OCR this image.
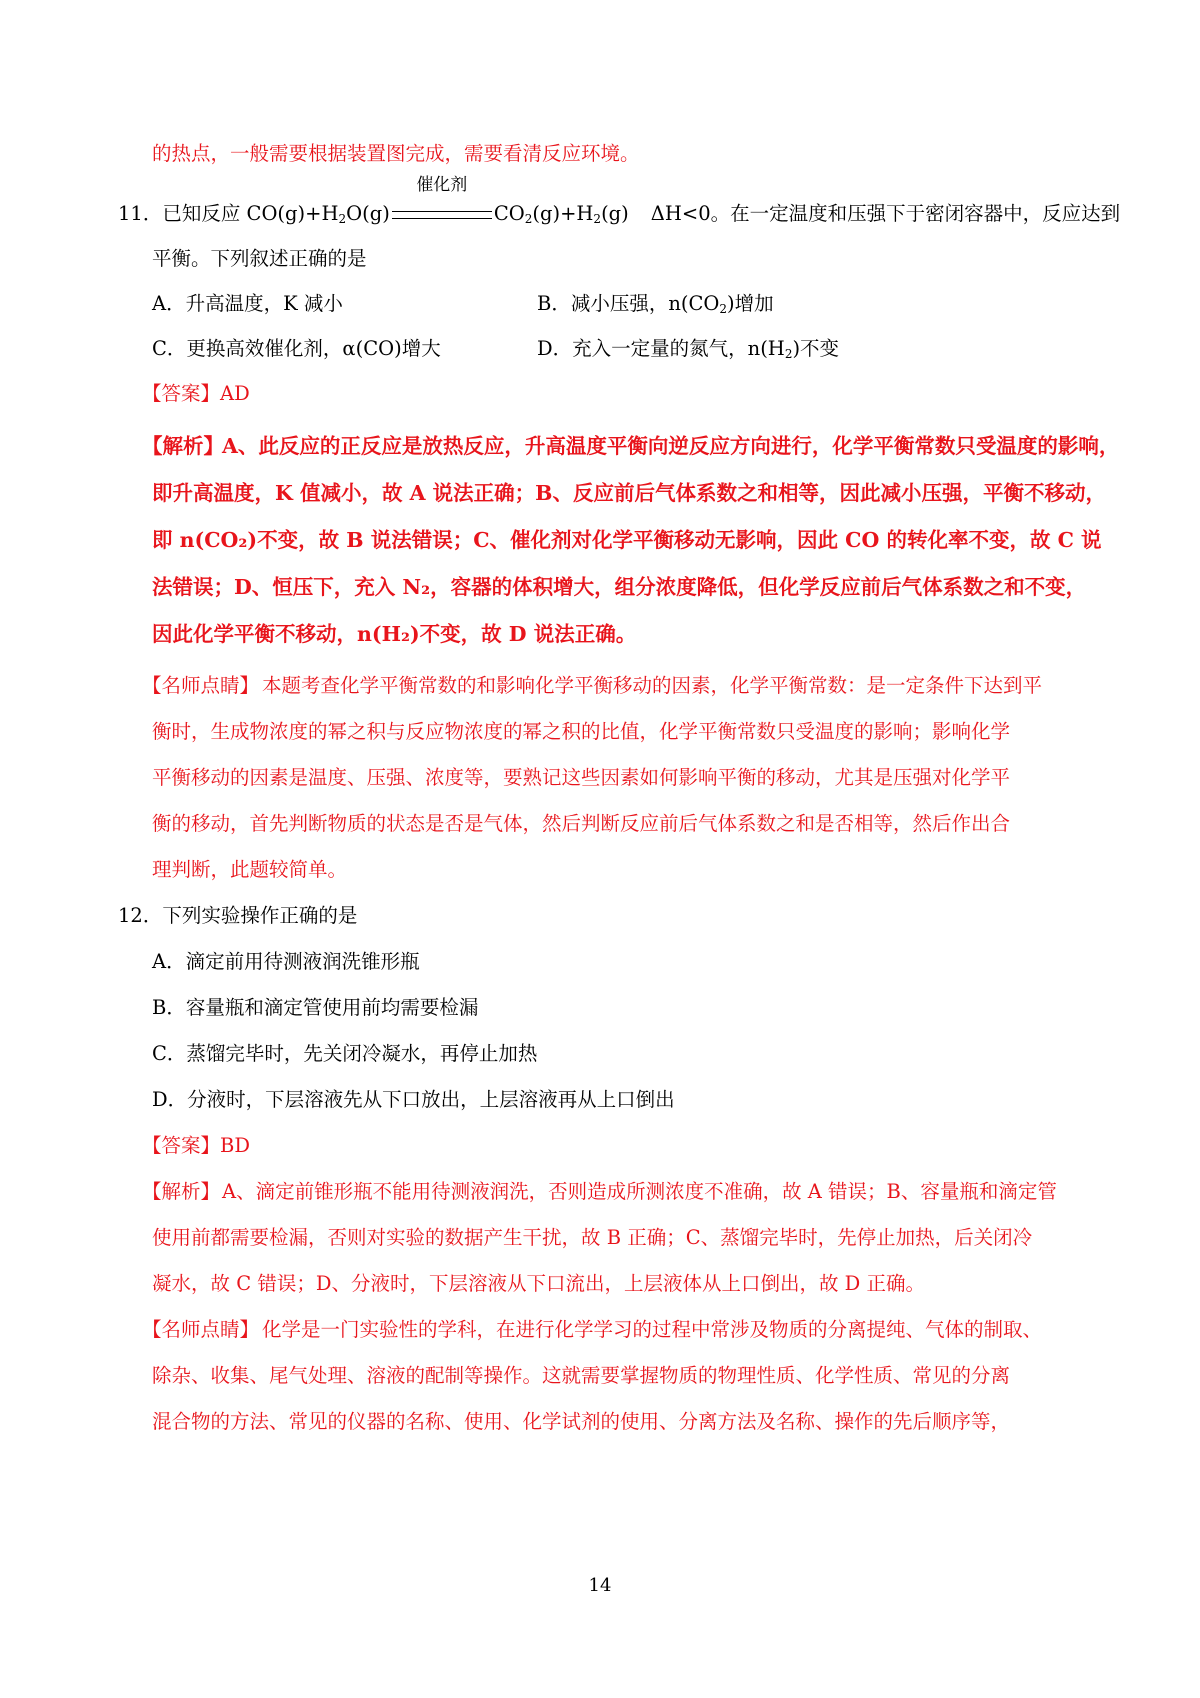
的热点，一般需要根据装置图完成，需要看清反应环境。
11．已知反应 $CO(g)+H_2O(g)$
催化剂
$CO_2(g)+H_2(g)$ ΔH<0。在一定温度和压强下于密闭容器中，反应达到
平衡。下列叙述正确的是
A．升高温度，K 减小	B．减小压强，$n(CO_2)$增加
C．更换高效催化剂，α(CO)增大	D．充入一定量的氮气，$n(H_2)$不变
【答案】AD
【解析】
A、此反应的正反应是放热反应，升高温度平衡向逆反应方向进行，化学平衡常数只受温度的影响，
即升高温度，K 值减小，故 A 说法正确；B、反应前后气体系数之和相等，因此减小压强，平衡不移动，
即 n(CO₂)不变，故 B 说法错误；C、催化剂对化学平衡移动无影响，因此 CO 的转化率不变，故 C 说
法错误；D、恒压下，充入 N₂，容器的体积增大，组分浓度降低，但化学反应前后气体系数之和不变，
因此化学平衡不移动，n(H₂)不变，故 D 说法正确。
【名师点睛】 本题考查化学平衡常数的和影响化学平衡移动的因素，化学平衡常数：是一定条件下达到平
衡时，生成物浓度的幂之积与反应物浓度的幂之积的比值，化学平衡常数只受温度的影响；影响化学
平衡移动的因素是温度、压强、浓度等，要熟记这些因素如何影响平衡的移动，尤其是压强对化学平
衡的移动，首先判断物质的状态是否是气体，然后判断反应前后气体系数之和是否相等，然后作出合
理判断，此题较简单。
12．下列实验操作正确的是
A．滴定前用待测液润洗锥形瓶
B．容量瓶和滴定管使用前均需要检漏
C．蒸馏完毕时，先关闭冷凝水，再停止加热
D．分液时，下层溶液先从下口放出，上层溶液再从上口倒出
【答案】BD
【解析】 A、滴定前锥形瓶不能用待测液润洗，否则造成所测浓度不准确，故 A 错误；B、容量瓶和滴定管
使用前都需要检漏，否则对实验的数据产生干扰，故 B 正确；C、蒸馏完毕时，先停止加热，后关闭冷
凝水，故 C 错误；D、分液时，下层溶液从下口流出，上层液体从上口倒出，故 D 正确。
【名师点睛】 化学是一门实验性的学科，在进行化学学习的过程中常涉及物质的分离提纯、气体的制取、
除杂、收集、尾气处理、溶液的配制等操作。这就需要掌握物质的物理性质、化学性质、常见的分离
混合物的方法、常见的仪器的名称、使用、化学试剂的使用、分离方法及名称、操作的先后顺序等，
14
